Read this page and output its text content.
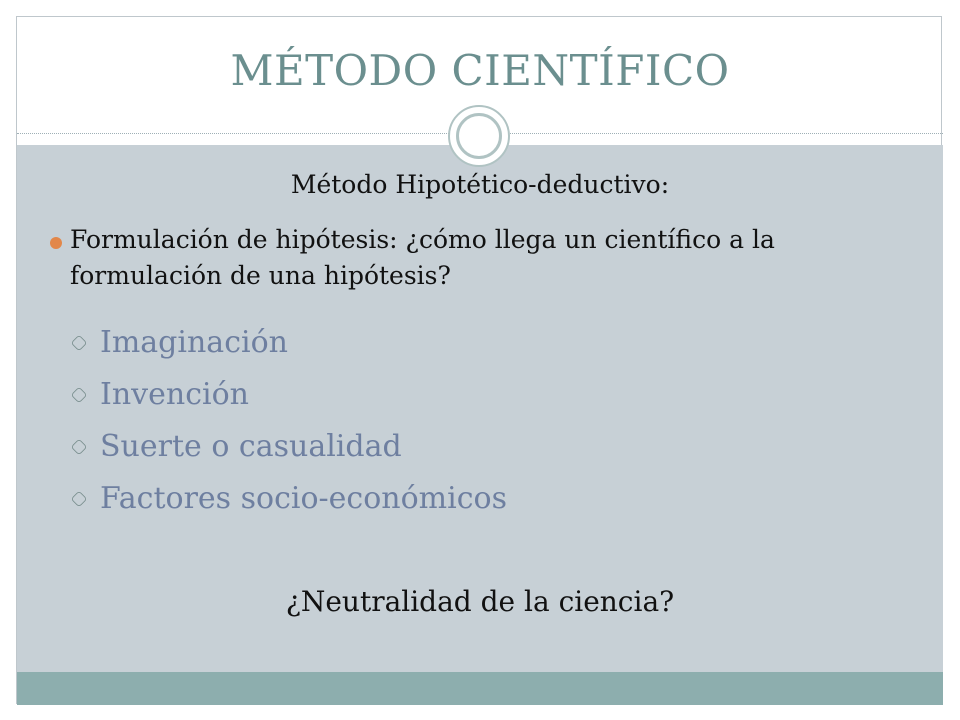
MÉTODO CIENTÍFICO
Método Hipotético-deductivo:
Formulación de hipótesis: ¿cómo llega un científico a la formulación de una hipótesis?
Imaginación
Invención
Suerte o casualidad
Factores socio-económicos
¿Neutralidad de la ciencia?
